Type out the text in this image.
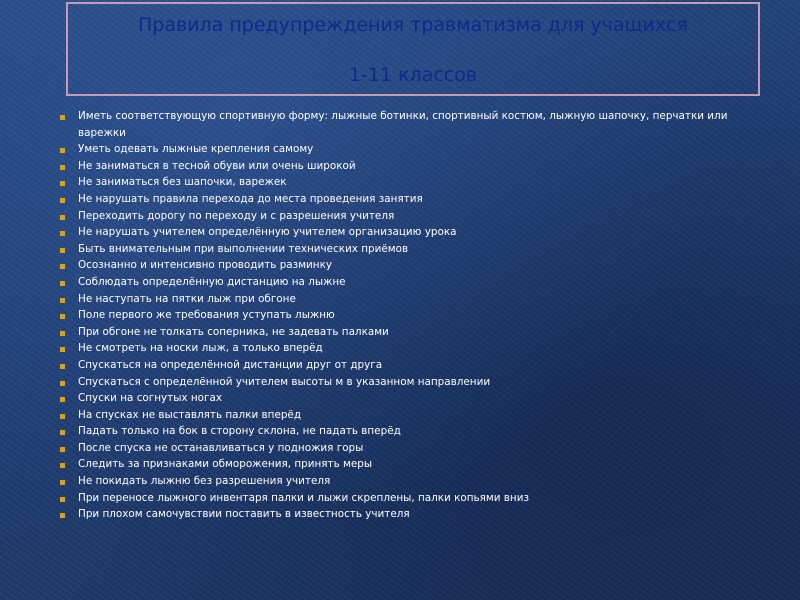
Правила предупреждения травматизма для учащихся
1-11 классов
Иметь соответствующую спортивную форму: лыжные ботинки, спортивный костюм, лыжную шапочку, перчатки или варежки
Уметь одевать лыжные крепления самому
Не заниматься в тесной обуви или очень широкой
Не заниматься без шапочки, варежек
Не нарушать правила перехода до места проведения занятия
Переходить дорогу по переходу и с разрешения учителя
Не нарушать учителем определённую учителем организацию урока
Быть внимательным при выполнении технических приёмов
Осознанно и интенсивно проводить разминку
Соблюдать определённую дистанцию на лыжне
Не наступать на пятки лыж при обгоне
Поле первого же требования уступать лыжню
При обгоне не толкать соперника, не задевать палками
Не смотреть на носки лыж, а только вперёд
Спускаться на определённой дистанции друг от друга
Спускаться с определённой учителем высоты м в указанном направлении
Спуски на согнутых ногах
На спусках не выставлять палки вперёд
Падать только на бок в сторону склона, не падать вперёд
После спуска не останавливаться у подножия горы
Следить за признаками обморожения, принять меры
Не покидать лыжню без разрешения учителя
При переносе лыжного инвентаря палки и лыжи скреплены, палки копьями вниз
При плохом самочувствии поставить в известность учителя
